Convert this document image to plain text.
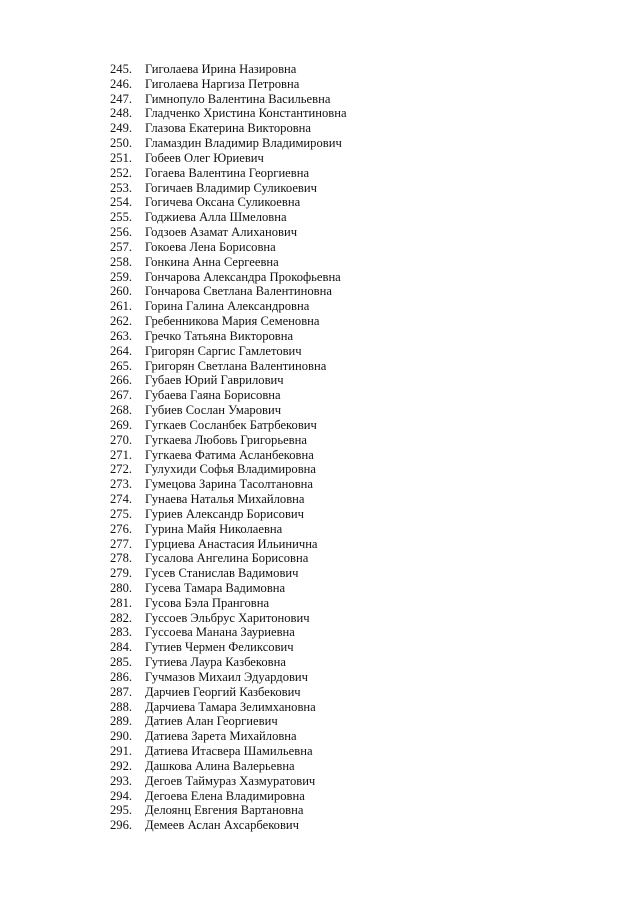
245. Гиголаева Ирина Назировна
246. Гиголаева Наргиза Петровна
247. Гимнопуло Валентина Васильевна
248. Гладченко Христина Константиновна
249. Глазова Екатерина Викторовна
250. Гламаздин Владимир Владимирович
251. Гобеев Олег Юриевич
252. Гогаева Валентина Георгиевна
253. Гогичаев Владимир Суликоевич
254. Гогичева Оксана Суликоевна
255. Годжиева Алла Шмеловна
256. Годзоев Азамат Алиханович
257. Гокоева Лена Борисовна
258. Гонкина Анна Сергеевна
259. Гончарова Александра Прокофьевна
260. Гончарова Светлана Валентиновна
261. Горина Галина Александровна
262. Гребенникова Мария Семеновна
263. Гречко Татьяна Викторовна
264. Григорян Саргис Гамлетович
265. Григорян Светлана Валентиновна
266. Губаев Юрий Гаврилович
267. Губаева Гаяна Борисовна
268. Губиев Сослан Умарович
269. Гугкаев Сосланбек Батрбекович
270. Гугкаева Любовь Григорьевна
271. Гугкаева Фатима Асланбековна
272. Гулухиди Софья Владимировна
273. Гумецова Зарина Тасолтановна
274. Гунаева Наталья Михайловна
275. Гуриев Александр Борисович
276. Гурина Майя Николаевна
277. Гурциева Анастасия Ильинична
278. Гусалова Ангелина Борисовна
279. Гусев Станислав Вадимович
280. Гусева Тамара Вадимовна
281. Гусова Бэла Пранговна
282. Гуссоев Эльбрус Харитонович
283. Гуссоева Манана Зауриевна
284. Гутиев Чермен Феликсович
285. Гутиева Лаура Казбековна
286. Гучмазов Михаил Эдуардович
287. Дарчиев Георгий Казбекович
288. Дарчиева Тамара Зелимхановна
289. Датиев Алан Георгиевич
290. Датиева Зарета Михайловна
291. Датиева Итасвера Шамильевна
292. Дашкова Алина Валерьевна
293. Дегоев Таймураз Хазмуратович
294. Дегоева Елена Владимировна
295. Делоянц Евгения Вартановна
296. Демеев Аслан Ахсарбекович
